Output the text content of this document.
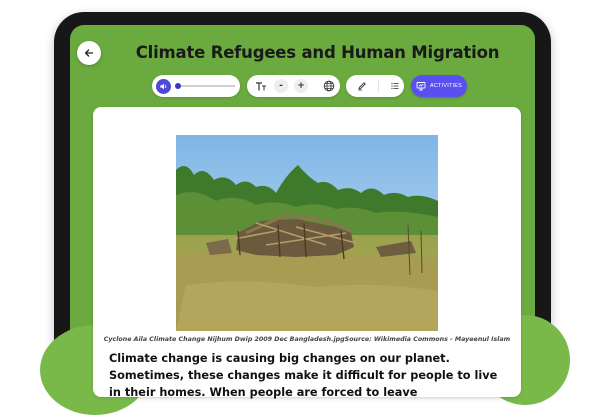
Climate Refugees and Human Migration
-	+	ACTIVITIES
Cyclone Aila Climate Change Nijhum Dwip 2009 Dec Bangladesh.jpgSource: Wikimedia Commons - Mayeenul Islam
Climate change is causing big changes on our planet. Sometimes, these changes make it difficult for people to live in their homes. When people are forced to leave
